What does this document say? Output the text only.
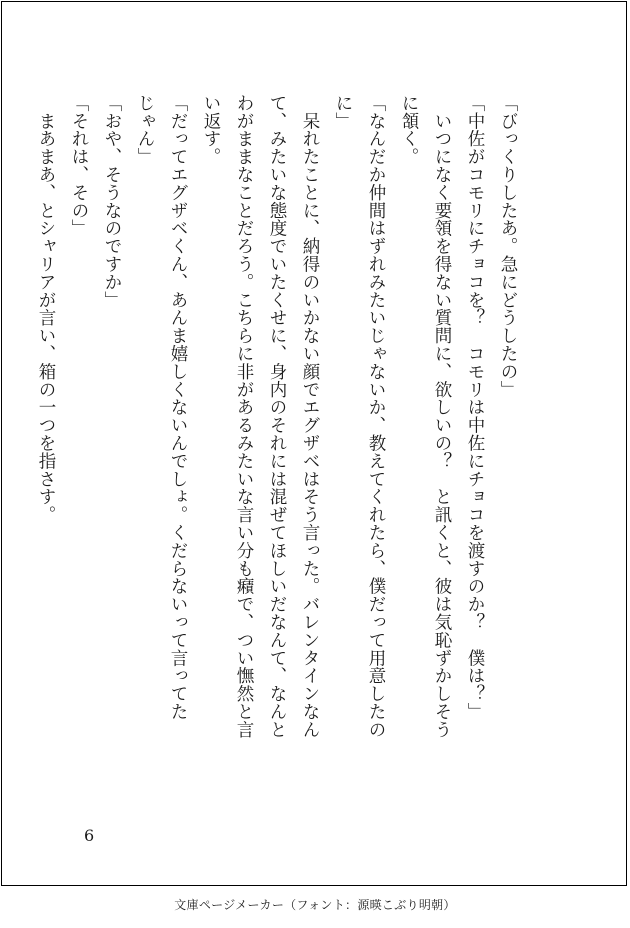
「びっくりしたあ。急にどうしたの」
「中佐がコモリにチョコを？　コモリは中佐にチョコを渡すのか？　僕は？」
　いつになく要領を得ない質問に、欲しいの？　と訊くと、彼は気恥ずかしそう
に頷く。
「なんだか仲間はずれみたいじゃないか、教えてくれたら、僕だって用意したの
に」
　呆れたことに、納得のいかない顔でエグザベはそう言った。バレンタインなん
て、みたいな態度でいたくせに、身内のそれには混ぜてほしいだなんて、なんと
わがままなことだろう。こちらに非があるみたいな言い分も癪で、つい憮然と言
い返す。
「だってエグザベくん、あんま嬉しくないんでしょ。くだらないって言ってた
じゃん」
「おや、そうなのですか」
「それは、その」
　まあまあ、とシャリアが言い、箱の一つを指さす。
6
文庫ページメーカー（フォント：源暎こぶり明朝）
